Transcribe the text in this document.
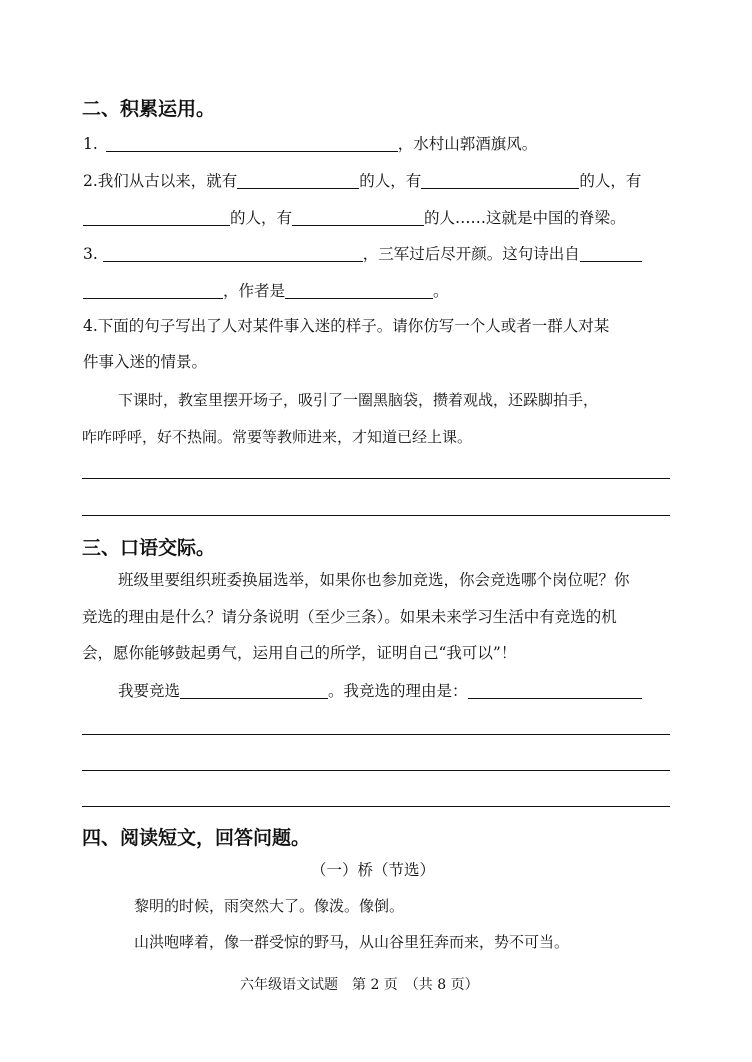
二、积累运用。
1.	，水村山郭酒旗风。
2.我们从古以来，就有	的人，有	的人，有
的人，有	的人……这就是中国的脊梁。
3.	，三军过后尽开颜。这句诗出自
，作者是	。
4.下面的句子写出了人对某件事入迷的样子。请你仿写一个人或者一群人对某
件事入迷的情景。
下课时，教室里摆开场子，吸引了一圈黑脑袋，攒着观战，还跺脚拍手，
咋咋呼呼，好不热闹。常要等教师进来，才知道已经上课。
三、口语交际。
班级里要组织班委换届选举，如果你也参加竞选，你会竞选哪个岗位呢？你
竞选的理由是什么？请分条说明（至少三条）。如果未来学习生活中有竞选的机
会，愿你能够鼓起勇气，运用自己的所学，证明自己“我可以”！
我要竞选	。我竞选的理由是：
四、阅读短文，回答问题。
（一）桥（节选）
黎明的时候，雨突然大了。像泼。像倒。
山洪咆哮着，像一群受惊的野马，从山谷里狂奔而来，势不可当。
六年级语文试题　第 2 页　（共 8 页）
